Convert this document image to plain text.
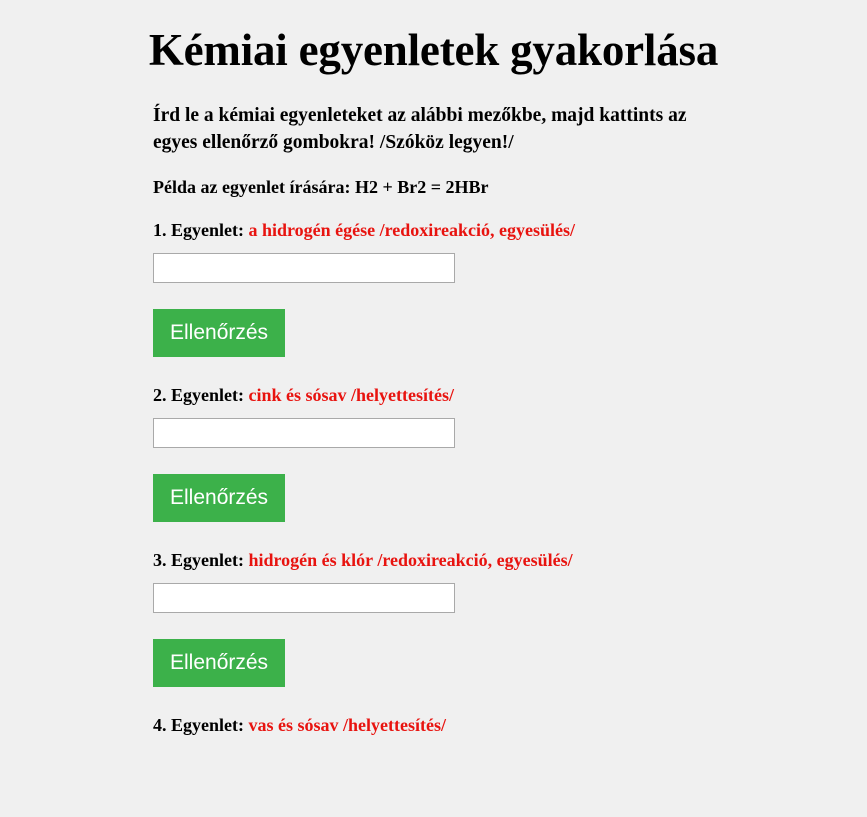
Kémiai egyenletek gyakorlása

Írd le a kémiai egyenleteket az alábbi mezőkbe, majd kattints az egyes ellenőrző gombokra! /Szóköz legyen!/

Példa az egyenlet írására: H2 + Br2 = 2HBr

1. Egyenlet: a hidrogén égése /redoxireakció, egyesülés/
Ellenőrzés
2. Egyenlet: cink és sósav /helyettesítés/
Ellenőrzés
3. Egyenlet: hidrogén és klór /redoxireakció, egyesülés/
Ellenőrzés
4. Egyenlet: vas és sósav /helyettesítés/
